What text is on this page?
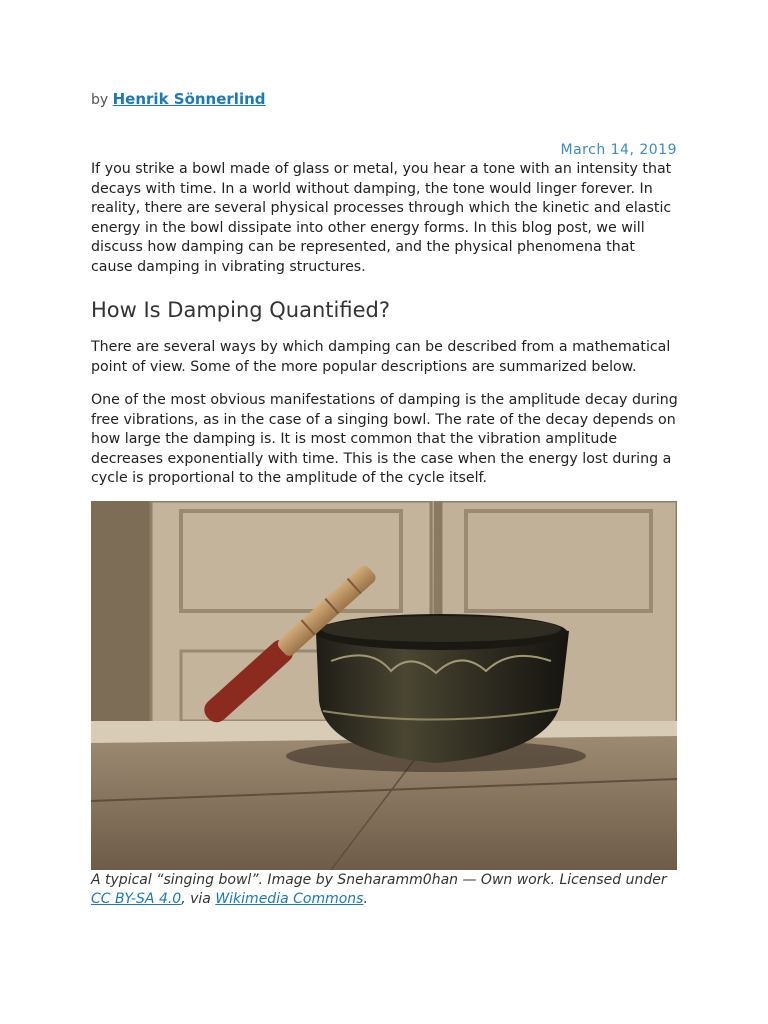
by Henrik Sönnerlind
March 14, 2019
If you strike a bowl made of glass or metal, you hear a tone with an intensity that decays with time. In a world without damping, the tone would linger forever. In reality, there are several physical processes through which the kinetic and elastic energy in the bowl dissipate into other energy forms. In this blog post, we will discuss how damping can be represented, and the physical phenomena that cause damping in vibrating structures.
How Is Damping Quantified?
There are several ways by which damping can be described from a mathematical point of view. Some of the more popular descriptions are summarized below.
One of the most obvious manifestations of damping is the amplitude decay during free vibrations, as in the case of a singing bowl. The rate of the decay depends on how large the damping is. It is most common that the vibration amplitude decreases exponentially with time. This is the case when the energy lost during a cycle is proportional to the amplitude of the cycle itself.
A typical “singing bowl”. Image by Sneharamm0han — Own work. Licensed under CC BY-SA 4.0, via Wikimedia Commons.
